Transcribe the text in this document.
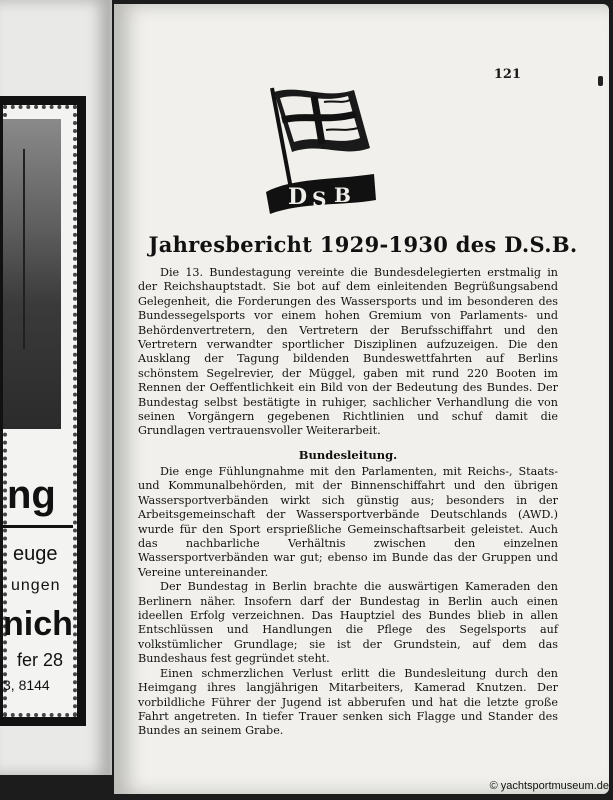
ng
euge
ungen
nich
fer 28
3, 8144
121
D S B
Jahresbericht 1929-1930 des D.S.B.

Die 13. Bundestagung vereinte die Bundesdelegierten erstmalig in der Reichshauptstadt. Sie bot auf dem einleitenden Begrüßungsabend Gelegenheit, die Forderungen des Wassersports und im besonderen des Bundessegelsports vor einem hohen Gremium von Parlaments- und Behördenvertretern, den Vertretern der Berufsschiffahrt und den Vertretern verwandter sportlicher Disziplinen aufzuzeigen. Die den Ausklang der Tagung bildenden Bundeswettfahrten auf Berlins schönstem Segelrevier, der Müggel, gaben mit rund 220 Booten im Rennen der Oeffentlichkeit ein Bild von der Bedeutung des Bundes. Der Bundestag selbst bestätigte in ruhiger, sachlicher Verhandlung die von seinen Vorgängern gegebenen Richtlinien und schuf damit die Grundlagen vertrauensvoller Weiterarbeit.

Bundesleitung.

Die enge Fühlungnahme mit den Parlamenten, mit Reichs-, Staats- und Kommunalbehörden, mit der Binnenschiffahrt und den übrigen Wassersportverbänden wirkt sich günstig aus; besonders in der Arbeitsgemeinschaft der Wassersportverbände Deutschlands (AWD.) wurde für den Sport ersprießliche Gemeinschaftsarbeit geleistet. Auch das nachbarliche Verhältnis zwischen den einzelnen Wassersportverbänden war gut; ebenso im Bunde das der Gruppen und Vereine untereinander.

Der Bundestag in Berlin brachte die auswärtigen Kameraden den Berlinern näher. Insofern darf der Bundestag in Berlin auch einen ideellen Erfolg verzeichnen. Das Hauptziel des Bundes blieb in allen Entschlüssen und Handlungen die Pflege des Segelsports auf volkstümlicher Grundlage; sie ist der Grundstein, auf dem das Bundeshaus fest gegründet steht.

Einen schmerzlichen Verlust erlitt die Bundesleitung durch den Heimgang ihres langjährigen Mitarbeiters, Kamerad Knutzen. Der vorbildliche Führer der Jugend ist abberufen und hat die letzte große Fahrt angetreten. In tiefer Trauer senken sich Flagge und Stander des Bundes an seinem Grabe.

© yachtsportmuseum.de
